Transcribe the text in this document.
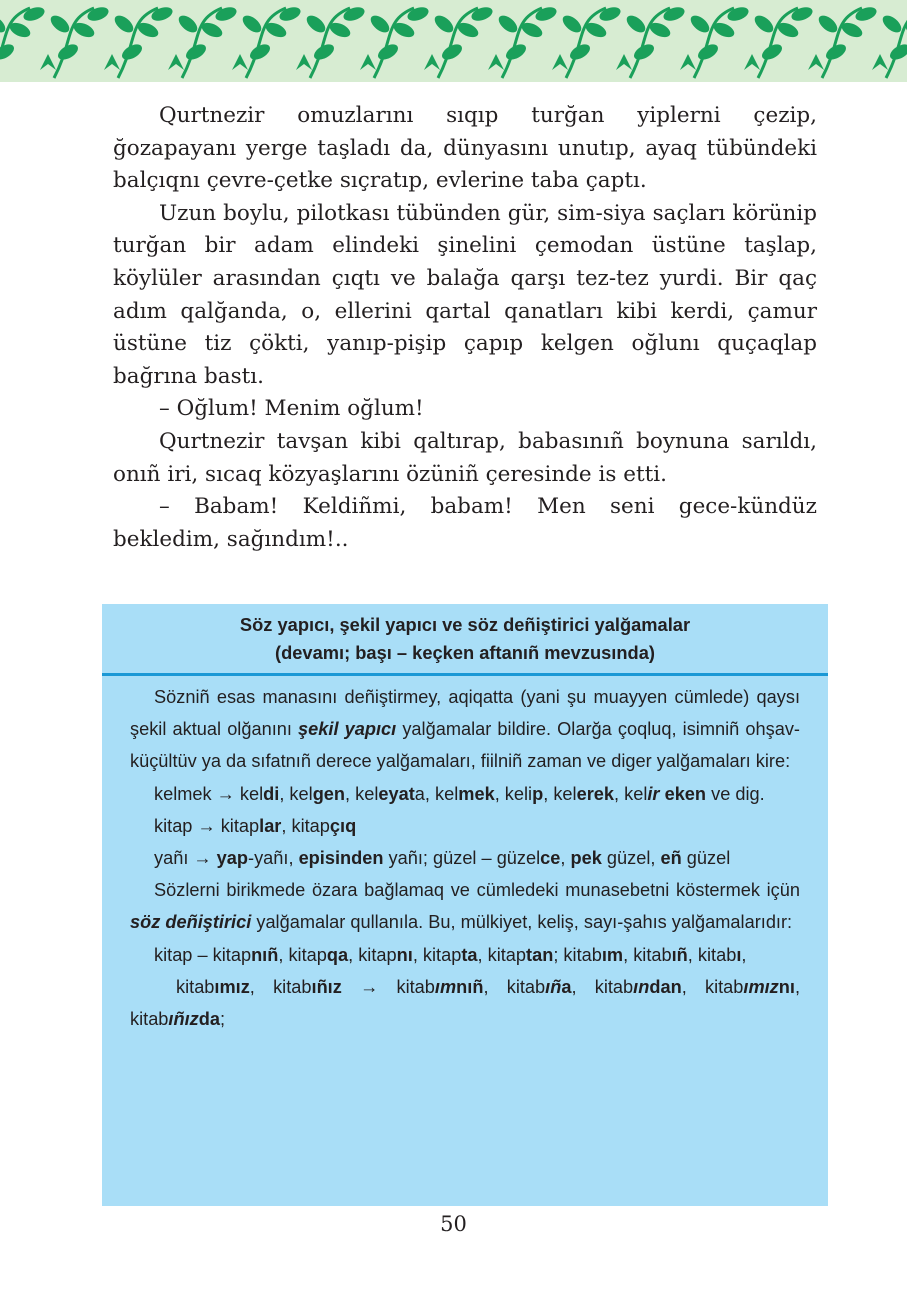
Qurtnezir omuzlarını sıqıp turğan yiplerni çezip, ğozapayanı yerge taşladı da, dünyasını unutıp, ayaq tübündeki balçıqnı çevre-çetke sıçratıp, evlerine taba çaptı.

Uzun boylu, pilotkası tübünden gür, sim-siya saçları körünip turğan bir adam elindeki şinelini çemodan üstüne taşlap, köylüler arasından çıqtı ve balağa qarşı tez-tez yurdi. Bir qaç adım qalğanda, o, ellerini qartal qanatları kibi kerdi, çamur üstüne tiz çökti, yanıp-pişip çapıp kelgen oğlunı quçaqlap bağrına bastı.

– Oğlum! Menim oğlum!

Qurtnezir tavşan kibi qaltırap, babasınıñ boynuna sarıldı, onıñ iri, sıcaq közyaşlarını özüniñ çeresinde is etti.

– Babam! Keldiñmi, babam! Men seni gece-kündüz bekledim, sağındım!..

Söz yapıcı, şekil yapıcı ve söz deñiştirici yalğamalar
(devamı; başı – keçken aftanıñ mevzusında)

Sözniñ esas manasını deñiştirmey, aqiqatta (yani şu muayyen cümlede) qaysı şekil aktual olğanını şekil yapıcı yalğamalar bildire. Olarğa çoqluq, isimniñ ohşav-küçültüv ya da sıfatnıñ derece yalğamaları, fiilniñ zaman ve diger yalğamaları kire:

kelmek → keldi, kelgen, keleyata, kelmek, kelip, kelerek, kelir eken ve dig.

kitap → kitaplar, kitapçıq

yañı → yap-yañı, episinden yañı; güzel – güzelce, pek güzel, eñ güzel

Sözlerni birikmede özara bağlamaq ve cümledeki munasebetni köstermek içün söz deñiştirici yalğamalar qullanıla. Bu, mülkiyet, keliş, sayı-şahıs yalğamalarıdır:

kitap – kitapnıñ, kitapqa, kitapnı, kitapta, kitaptan; kitabım, kitabıñ, kitabı,

kitabımız, kitabıñız → kitabımnıñ, kitabıña, kitabından, kitabımıznı, kitabıñızda;

50
